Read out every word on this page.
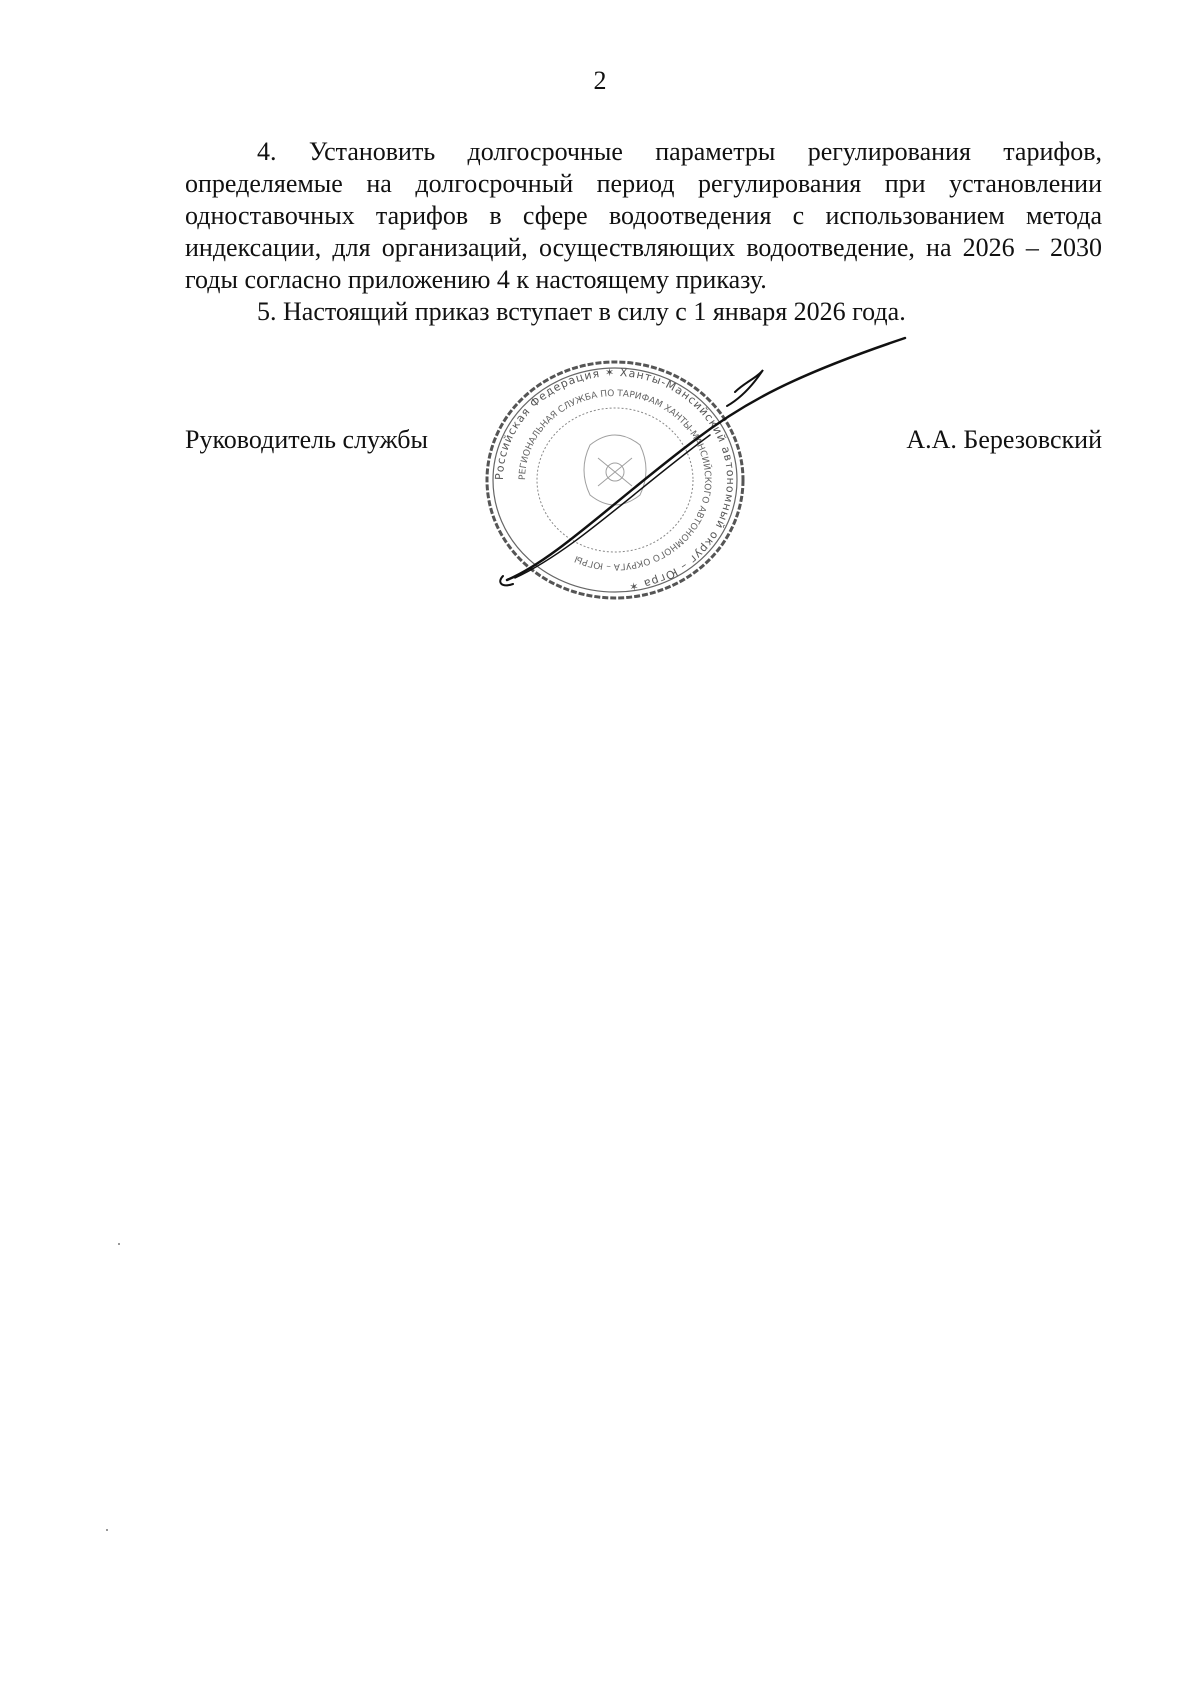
2

4. Установить долгосрочные параметры регулирования тарифов, определяемые на долгосрочный период регулирования при установлении одноставочных тарифов в сфере водоотведения с использованием метода индексации, для организаций, осуществляющих водоотведение, на 2026 – 2030 годы согласно приложению 4 к настоящему приказу.

5. Настоящий приказ вступает в силу с 1 января 2026 года.

Руководитель службы	А.А. Березовский
Российская Федерация ✶ Ханты-Мансийский автономный округ – Югра ✶
РЕГИОНАЛЬНАЯ СЛУЖБА ПО ТАРИФАМ ХАНТЫ-МАНСИЙСКОГО АВТОНОМНОГО ОКРУГА – ЮГРЫ
